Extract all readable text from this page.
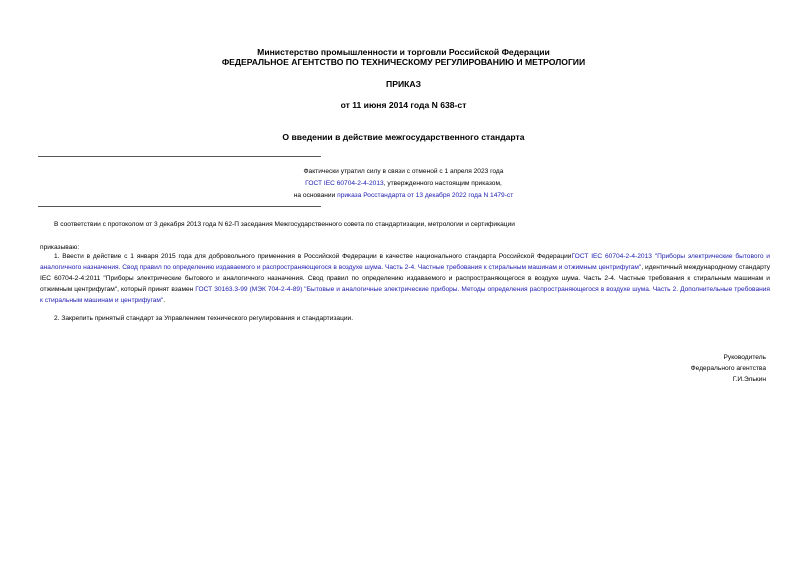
Министерство промышленности и торговли Российской Федерации
ФЕДЕРАЛЬНОЕ АГЕНТСТВО ПО ТЕХНИЧЕСКОМУ РЕГУЛИРОВАНИЮ И МЕТРОЛОГИИ
ПРИКАЗ
от 11 июня 2014 года N 638-ст
О введении в действие межгосударственного стандарта
Фактически утратил силу в связи с отменой с 1 апреля 2023 года
ГОСТ IEC 60704-2-4-2013, утвержденного настоящим приказом,
на основании приказа Росстандарта от 13 декабря 2022 года N 1479-ст
В соответствии с протоколом от 3 декабря 2013 года N 62-П заседания Межгосударственного совета по стандартизации, метрологии и сертификации
приказываю:
1. Ввести в действие с 1 января 2015 года для добровольного применения в Российской Федерации в качестве национального стандарта Российской ФедерацииГОСТ IEC 60704-2-4-2013 "Приборы электрические бытового и аналогичного назначения. Свод правил по определению издаваемого и распространяющегося в воздухе шума. Часть 2-4. Частные требования к стиральным машинам и отжимным центрифугам", идентичный международному стандарту IEC 60704-2-4:2011 "Приборы электрические бытового и аналогичного назначения. Свод правил по определению издаваемого и распространяющегося в воздухе шума. Часть 2-4. Частные требования к стиральным машинам и отжимным центрифугам", который принят взамен ГОСТ 30163.3-99 (МЭК 704-2-4-89) "Бытовые и аналогичные электрические приборы. Методы определения распространяющегося в воздухе шума. Часть 2. Дополнительные требования к стиральным машинам и центрифугам".
2. Закрепить принятый стандарт за Управлением технического регулирования и стандартизации.
Руководитель
Федерального агентства
Г.И.Элькин
